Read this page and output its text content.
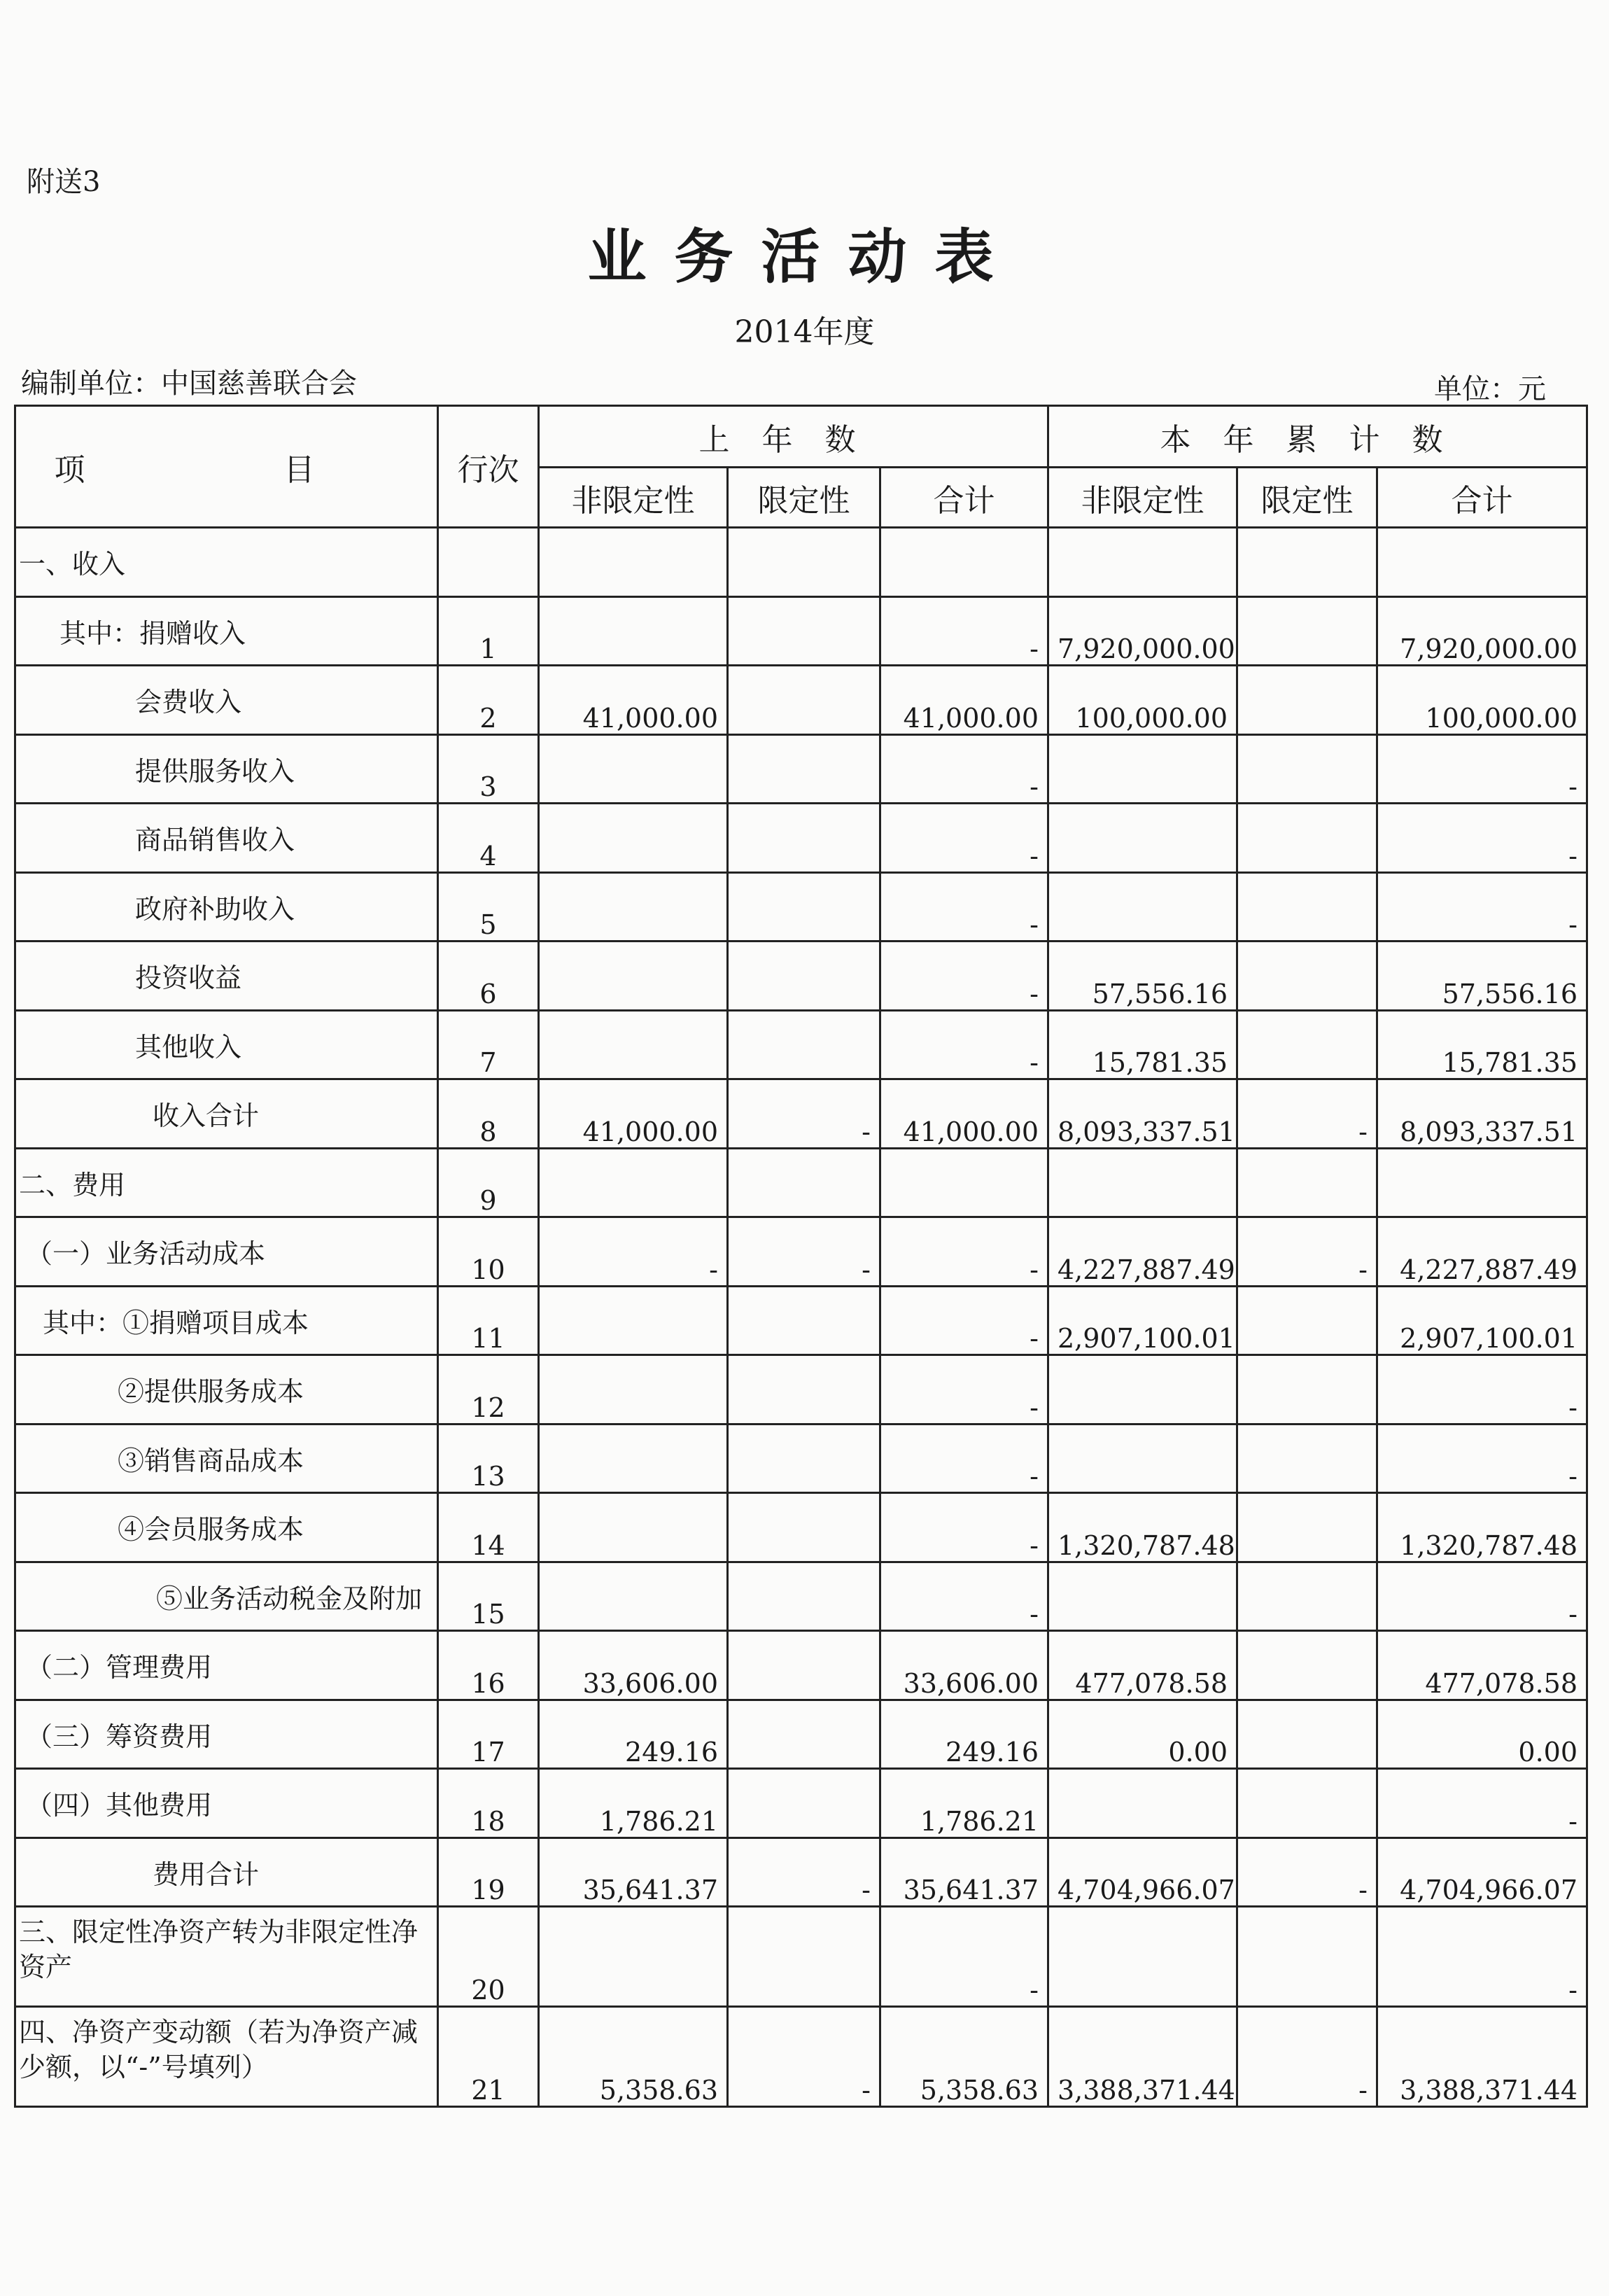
附送3
业务活动表
2014年度
编制单位：中国慈善联合会	单位：元
项　目	行次	上年数			本年累计数		
		非限定性	限定性	合计	非限定性	限定性	合计
一、收入							
其中：捐赠收入	1			-	7,920,000.00		7,920,000.00
会费收入	2	41,000.00		41,000.00	100,000.00		100,000.00
提供服务收入	3			-			-
商品销售收入	4			-			-
政府补助收入	5			-			-
投资收益	6			-	57,556.16		57,556.16
其他收入	7			-	15,781.35		15,781.35
收入合计	8	41,000.00	-	41,000.00	8,093,337.51	-	8,093,337.51
二、费用	9						
（一）业务活动成本	10	-	-	-	4,227,887.49	-	4,227,887.49
其中：①捐赠项目成本	11			-	2,907,100.01		2,907,100.01
②提供服务成本	12			-			-
③销售商品成本	13			-			-
④会员服务成本	14			-	1,320,787.48		1,320,787.48
⑤业务活动税金及附加	15			-			-
（二）管理费用	16	33,606.00		33,606.00	477,078.58		477,078.58
（三）筹资费用	17	249.16		249.16	0.00		0.00
（四）其他费用	18	1,786.21		1,786.21			-
费用合计	19	35,641.37	-	35,641.37	4,704,966.07	-	4,704,966.07
三、限定性净资产转为非限定性净资产	20			-			-
四、净资产变动额（若为净资产减少额，以“-”号填列）	21	5,358.63	-	5,358.63	3,388,371.44	-	3,388,371.44
